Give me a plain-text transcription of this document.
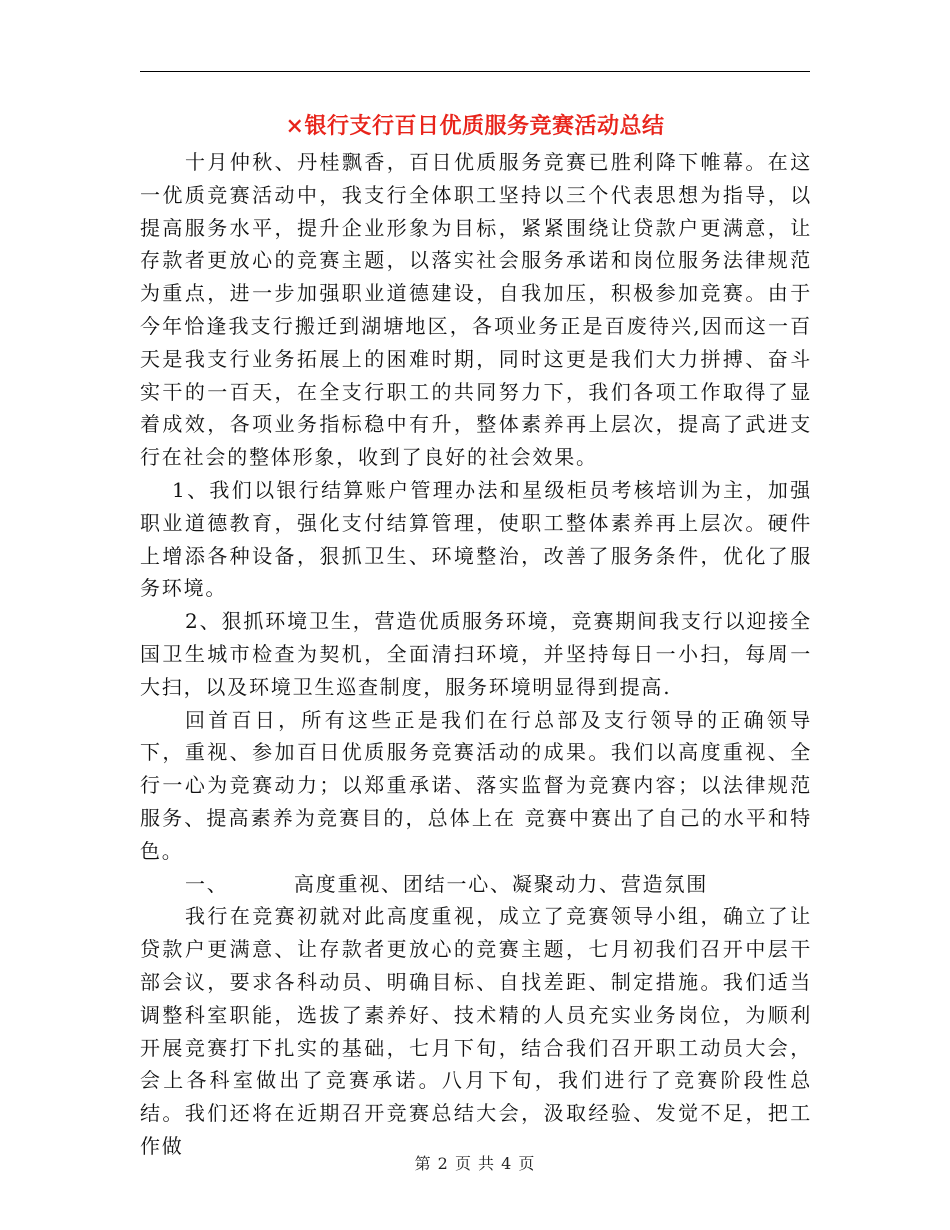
×银行支行百日优质服务竞赛活动总结

十月仲秋、丹桂飘香，百日优质服务竞赛已胜利降下帷幕。在这一优质竞赛活动中，我支行全体职工坚持以三个代表思想为指导，以提高服务水平，提升企业形象为目标，紧紧围绕让贷款户更满意，让存款者更放心的竞赛主题，以落实社会服务承诺和岗位服务法律规范为重点，进一步加强职业道德建设，自我加压，积极参加竞赛。由于今年恰逢我支行搬迁到湖塘地区，各项业务正是百废待兴,因而这一百天是我支行业务拓展上的困难时期，同时这更是我们大力拼搏、奋斗实干的一百天，在全支行职工的共同努力下，我们各项工作取得了显着成效，各项业务指标稳中有升，整体素养再上层次，提高了武进支行在社会的整体形象，收到了良好的社会效果。

1、我们以银行结算账户管理办法和星级柜员考核培训为主，加强职业道德教育，强化支付结算管理，使职工整体素养再上层次。硬件上增添各种设备，狠抓卫生、环境整治，改善了服务条件，优化了服务环境。

2、狠抓环境卫生，营造优质服务环境，竞赛期间我支行以迎接全国卫生城市检查为契机，全面清扫环境，并坚持每日一小扫，每周一大扫，以及环境卫生巡查制度，服务环境明显得到提高.

回首百日，所有这些正是我们在行总部及支行领导的正确领导下，重视、参加百日优质服务竞赛活动的成果。我们以高度重视、全行一心为竞赛动力；以郑重承诺、落实监督为竞赛内容；以法律规范服务、提高素养为竞赛目的，总体上在 竞赛中赛出了自己的水平和特色。

一、        高度重视、团结一心、凝聚动力、营造氛围

我行在竞赛初就对此高度重视，成立了竞赛领导小组，确立了让贷款户更满意、让存款者更放心的竞赛主题，七月初我们召开中层干部会议，要求各科动员、明确目标、自找差距、制定措施。我们适当调整科室职能，选拔了素养好、技术精的人员充实业务岗位，为顺利开展竞赛打下扎实的基础，七月下旬，结合我们召开职工动员大会，会上各科室做出了竞赛承诺。八月下旬，我们进行了竞赛阶段性总结。我们还将在近期召开竞赛总结大会，汲取经验、发觉不足，把工作做

第 2 页 共 4 页
